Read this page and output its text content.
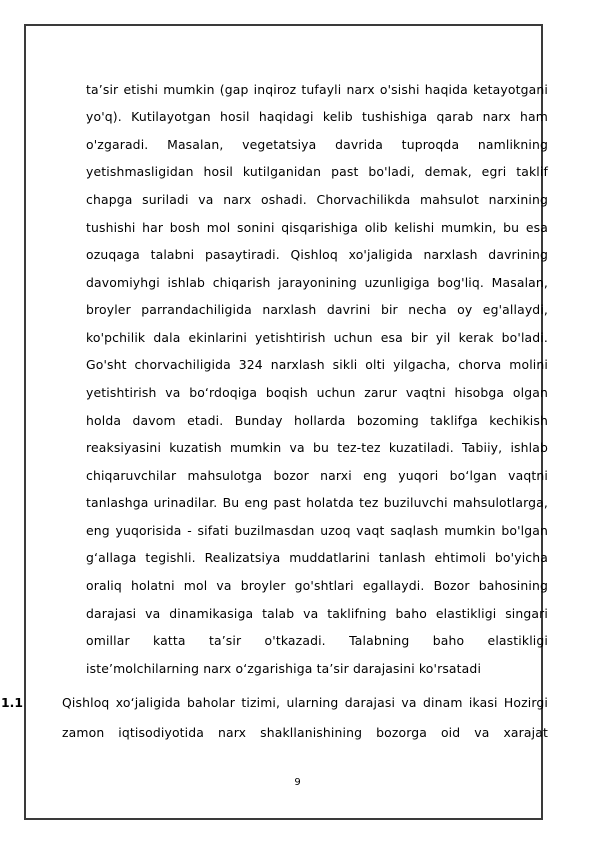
ta’sir etishi mumkin (gap inqiroz tufayli narx o'sishi haqida ketayotgani
yo'q). Kutilayotgan hosil haqidagi kelib tushishiga qarab narx ham
o'zgaradi. Masalan, vegetatsiya davrida tuproqda namlikning
yetishmasligidan hosil kutilganidan past bo'ladi, demak, egri taklif
chapga suriladi va narx oshadi. Chorvachilikda mahsulot narxining
tushishi har bosh mol sonini qisqarishiga olib kelishi mumkin, bu esa
ozuqaga talabni pasaytiradi. Qishloq xo'jaligida narxlash davrining
davomiyhgi ishlab chiqarish jarayonining uzunligiga bog'liq. Masalan,
broyler parrandachiligida narxlash davrini bir necha oy eg'allaydi,
ko'pchilik dala ekinlarini yetishtirish uchun esa bir yil kerak bo'ladi.
Go'sht chorvachiligida 324 narxlash sikli olti yilgacha, chorva molini
yetishtirish va bo‘rdoqiga boqish uchun zarur vaqtni hisobga olgan
holda davom etadi. Bunday hollarda bozoming taklifga kechikish
reaksiyasini kuzatish mumkin va bu tez-tez kuzatiladi. Tabiiy, ishlab
chiqaruvchilar mahsulotga bozor narxi eng yuqori bo‘lgan vaqtni
tanlashga urinadilar. Bu eng past holatda tez buziluvchi mahsulotlarga,
eng yuqorisida - sifati buzilmasdan uzoq vaqt saqlash mumkin bo'lgan
g‘allaga tegishli. Realizatsiya muddatlarini tanlash ehtimoli bo'yicha
oraliq holatni mol va broyler go'shtlari egallaydi. Bozor bahosining
darajasi va dinamikasiga talab va taklifning baho elastikligi singari
omillar katta ta’sir o'tkazadi. Talabning baho elastikligi
iste’molchilarning narx o‘zgarishiga ta’sir darajasini ko'rsatadi
1.1	Qishloq xo‘jaligida baholar tizimi, ularning darajasi va dinam ikasi Hozirgi
zamon iqtisodiyotida narx shakllanishining bozorga oid va xarajat
9
